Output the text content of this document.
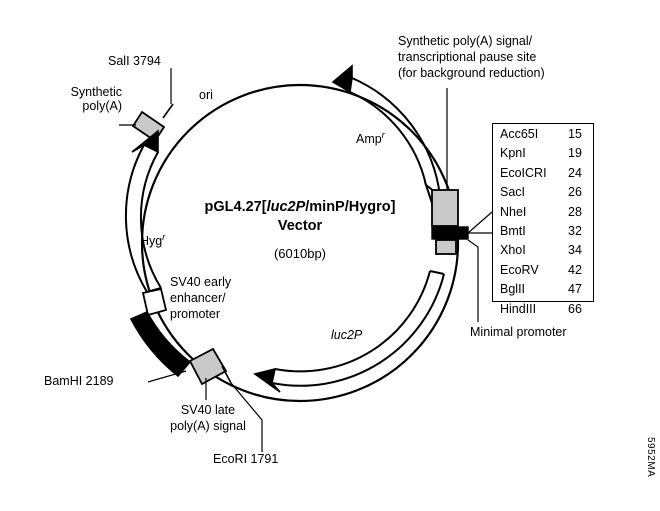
pGL4.27[luc2P/minP/Hygro]
Vector
(6010bp)
ori
Amp$^r$
Hyg$^r$
luc2P
SalI 3794
Synthetic
poly(A)
Synthetic poly(A) signal/
transcriptional pause site
(for background reduction)
SV40 early
enhancer/
promoter
BamHI 2189
SV40 late
poly(A) signal
EcoRI 1791
Minimal promoter
Acc65I 15
KpnI	19
EcoICRI 24
SacI	26
NheI	28
BmtI	32
XhoI	34
EcoRV 42
BglII	47
HindIII	66
5952MA
